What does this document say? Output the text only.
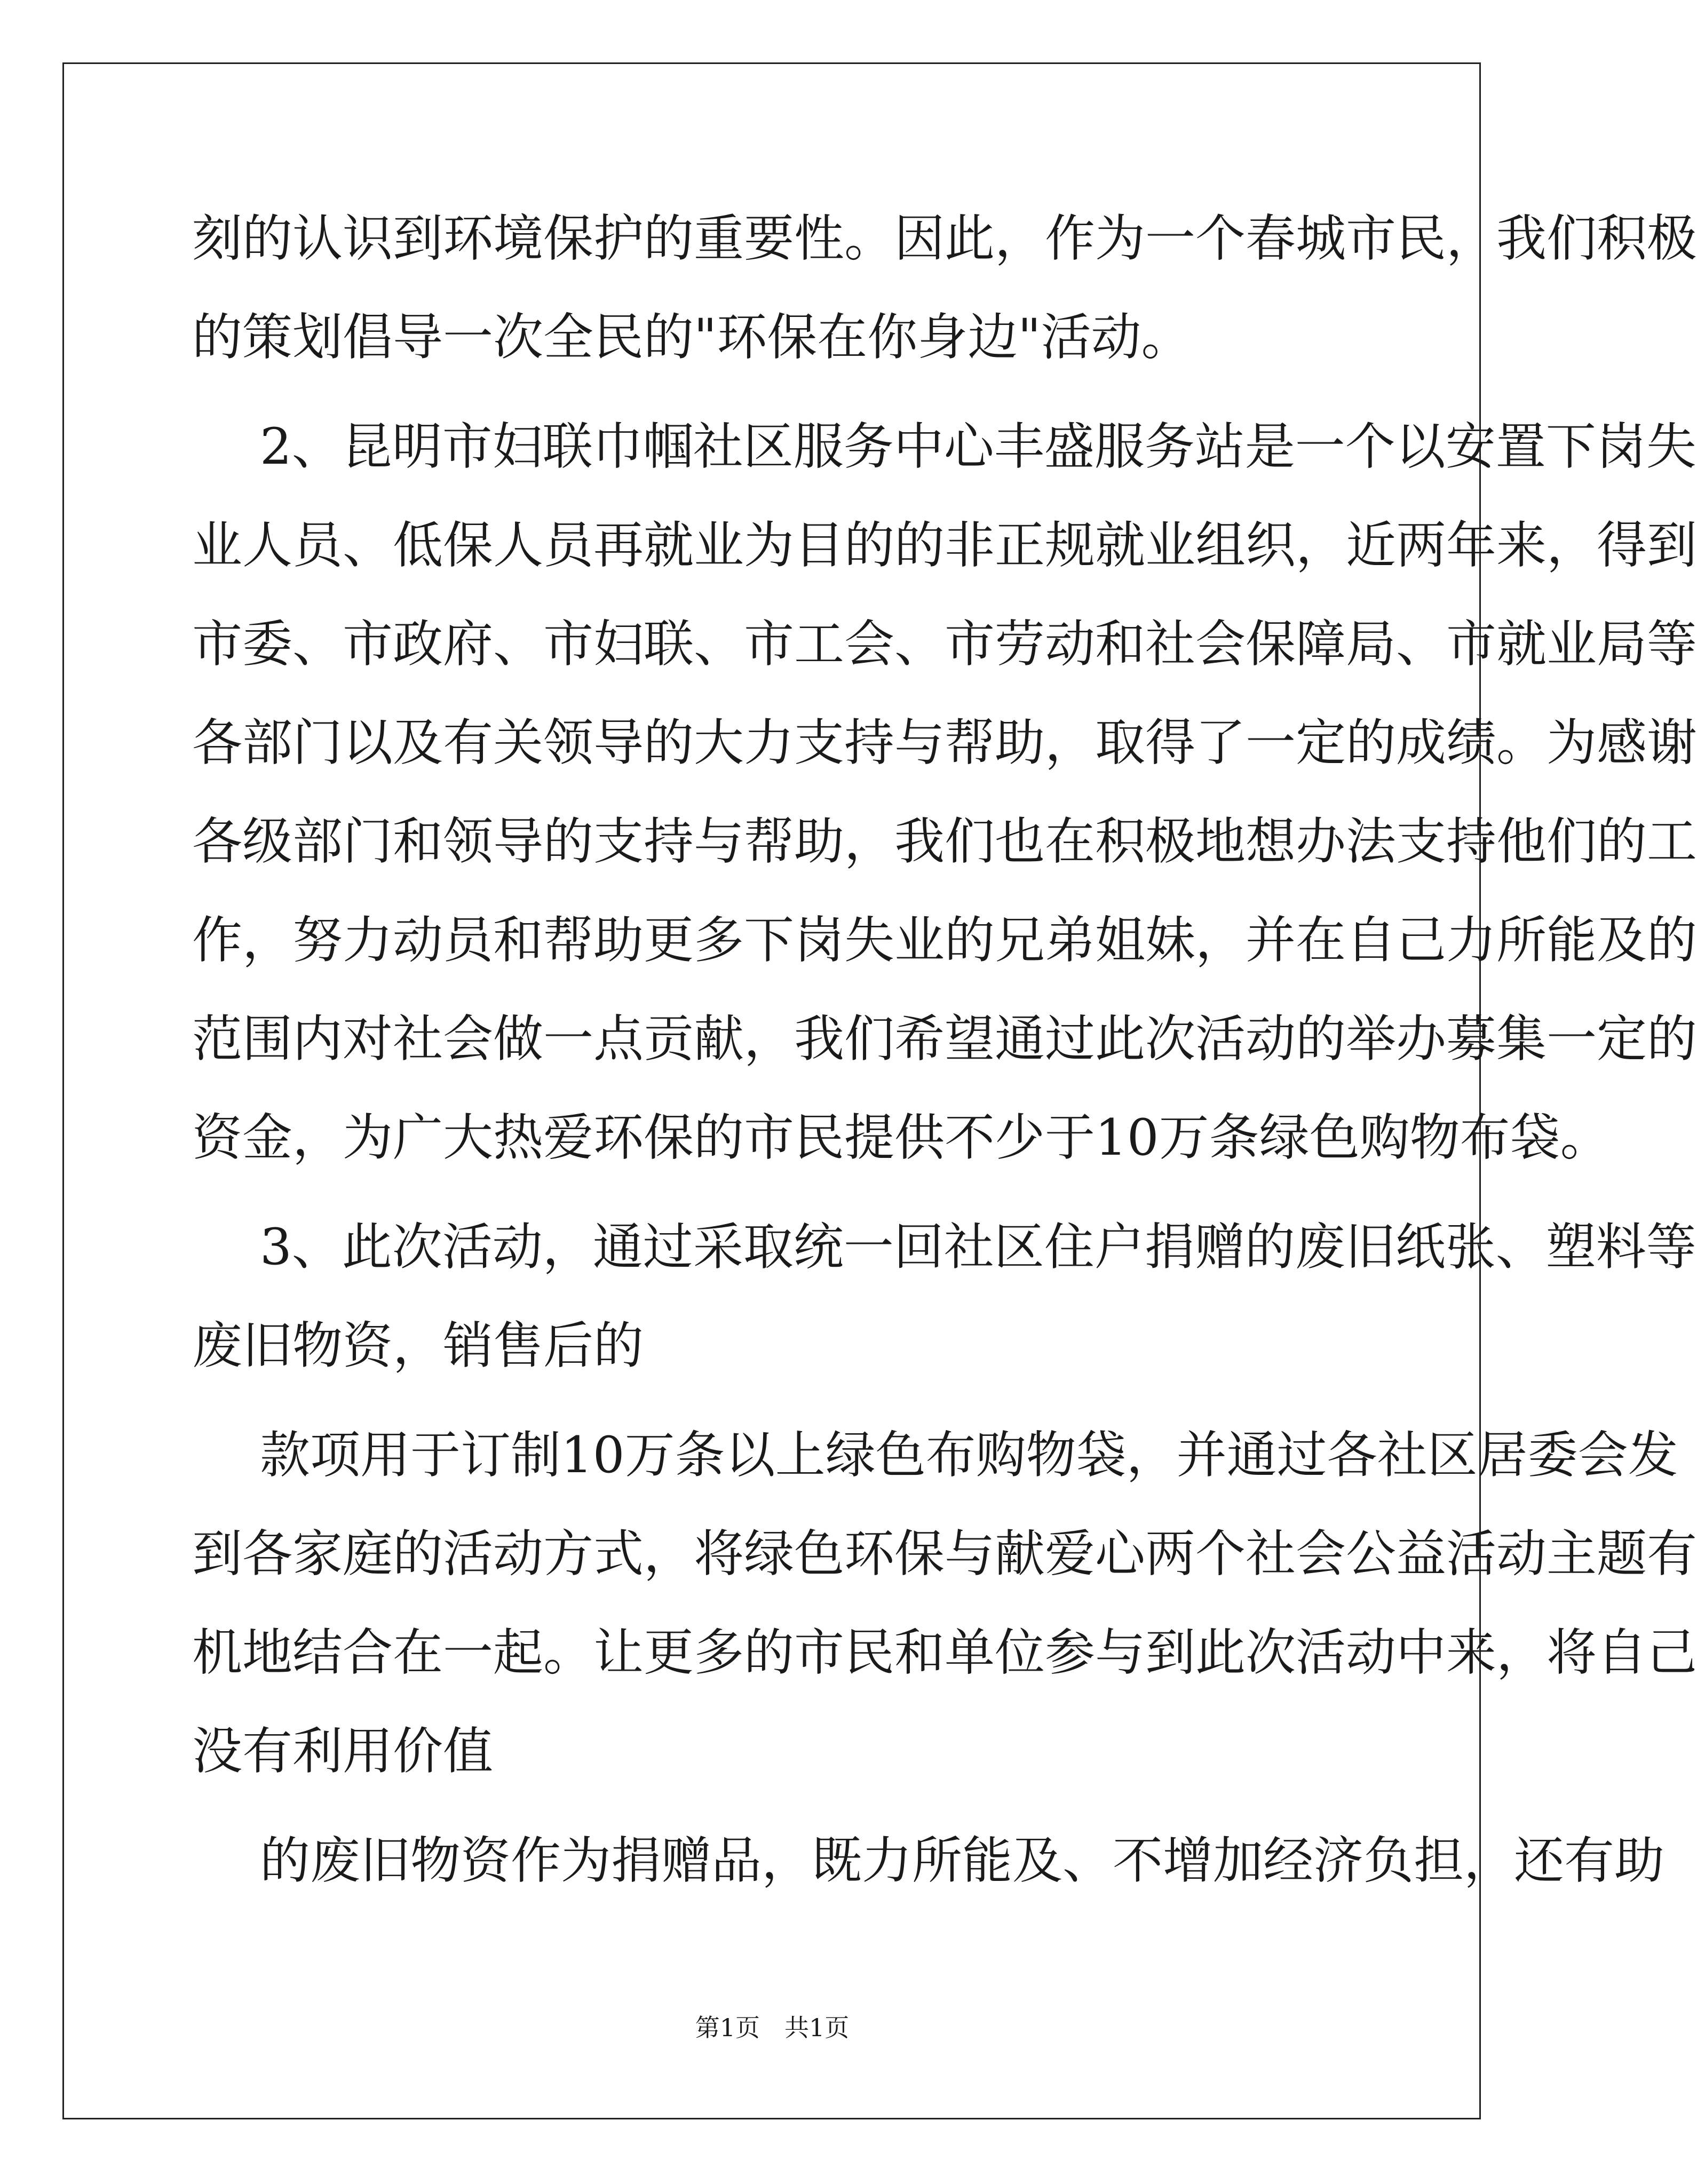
刻的认识到环境保护的重要性。因此，作为一个春城市民，我们积极
的策划倡导一次全民的"环保在你身边"活动。
2、昆明市妇联巾帼社区服务中心丰盛服务站是一个以安置下岗失
业人员、低保人员再就业为目的的非正规就业组织，近两年来，得到
市委、市政府、市妇联、市工会、市劳动和社会保障局、市就业局等
各部门以及有关领导的大力支持与帮助，取得了一定的成绩。为感谢
各级部门和领导的支持与帮助，我们也在积极地想办法支持他们的工
作，努力动员和帮助更多下岗失业的兄弟姐妹，并在自己力所能及的
范围内对社会做一点贡献，我们希望通过此次活动的举办募集一定的
资金，为广大热爱环保的市民提供不少于10万条绿色购物布袋。
3、此次活动，通过采取统一回社区住户捐赠的废旧纸张、塑料等
废旧物资，销售后的
款项用于订制10万条以上绿色布购物袋，并通过各社区居委会发
到各家庭的活动方式，将绿色环保与献爱心两个社会公益活动主题有
机地结合在一起。让更多的市民和单位参与到此次活动中来，将自己
没有利用价值
的废旧物资作为捐赠品，既力所能及、不增加经济负担，还有助
第1页　共1页
